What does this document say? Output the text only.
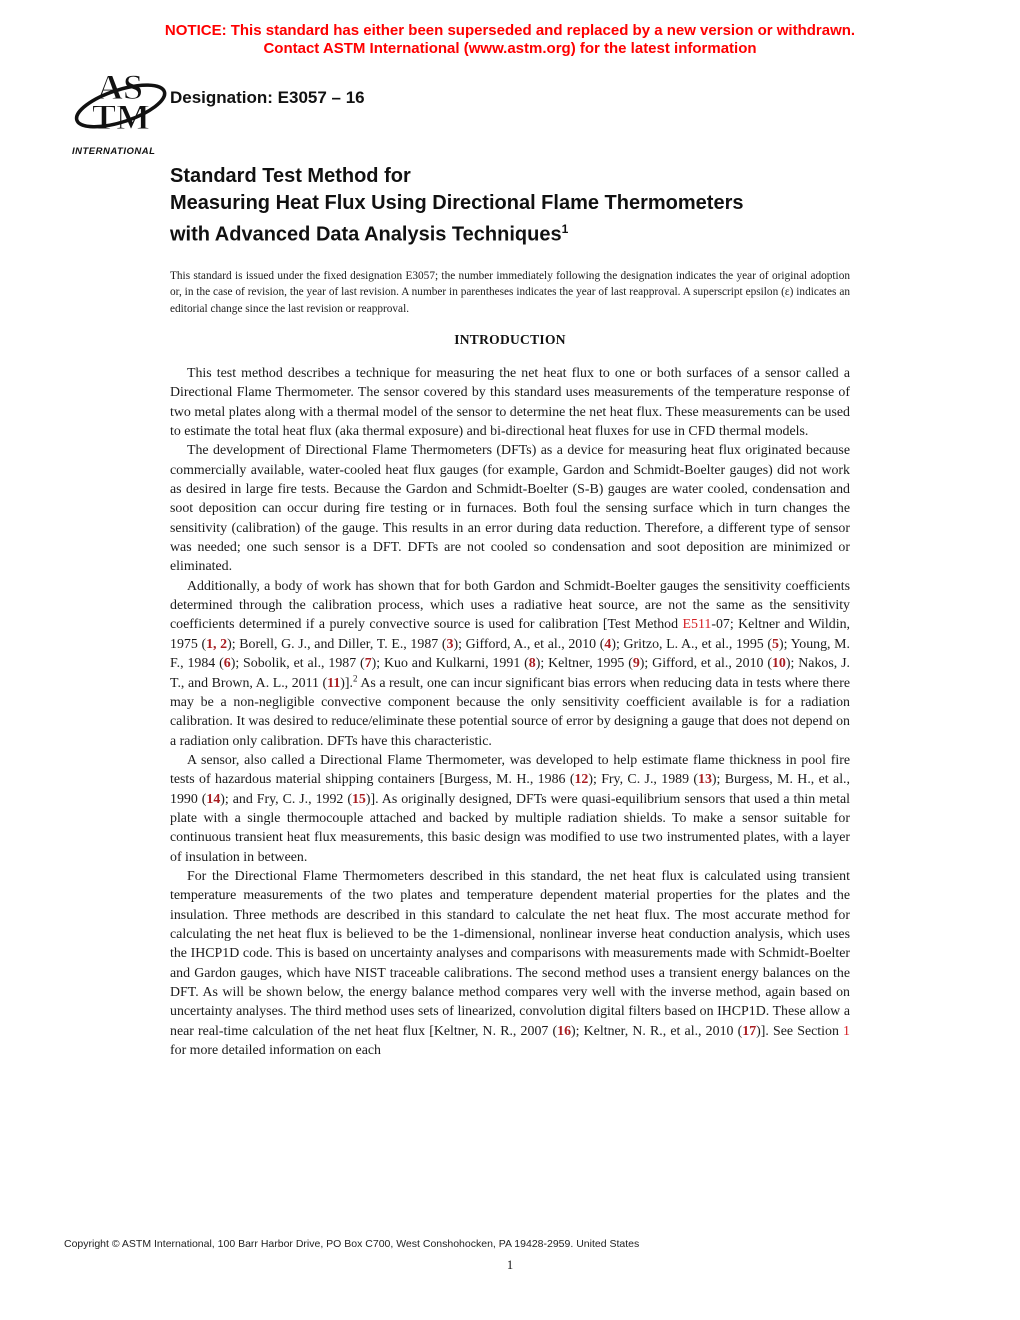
NOTICE: This standard has either been superseded and replaced by a new version or withdrawn.
Contact ASTM International (www.astm.org) for the latest information
AS
TM
INTERNATIONAL
Designation: E3057 – 16
Standard Test Method for
Measuring Heat Flux Using Directional Flame Thermometers
with Advanced Data Analysis Techniques$^1$
This standard is issued under the fixed designation E3057; the number immediately following the designation indicates the year of original adoption or, in the case of revision, the year of last revision. A number in parentheses indicates the year of last reapproval. A superscript epsilon (ε) indicates an editorial change since the last revision or reapproval.
INTRODUCTION

This test method describes a technique for measuring the net heat flux to one or both surfaces of a sensor called a Directional Flame Thermometer. The sensor covered by this standard uses measurements of the temperature response of two metal plates along with a thermal model of the sensor to determine the net heat flux. These measurements can be used to estimate the total heat flux (aka thermal exposure) and bi-directional heat fluxes for use in CFD thermal models.

The development of Directional Flame Thermometers (DFTs) as a device for measuring heat flux originated because commercially available, water-cooled heat flux gauges (for example, Gardon and Schmidt-Boelter gauges) did not work as desired in large fire tests. Because the Gardon and Schmidt-Boelter (S-B) gauges are water cooled, condensation and soot deposition can occur during fire testing or in furnaces. Both foul the sensing surface which in turn changes the sensitivity (calibration) of the gauge. This results in an error during data reduction. Therefore, a different type of sensor was needed; one such sensor is a DFT. DFTs are not cooled so condensation and soot deposition are minimized or eliminated.

Additionally, a body of work has shown that for both Gardon and Schmidt-Boelter gauges the sensitivity coefficients determined through the calibration process, which uses a radiative heat source, are not the same as the sensitivity coefficients determined if a purely convective source is used for calibration [Test Method E511-07; Keltner and Wildin, 1975 (1, 2); Borell, G. J., and Diller, T. E., 1987 (3); Gifford, A., et al., 2010 (4); Gritzo, L. A., et al., 1995 (5); Young, M. F., 1984 (6); Sobolik, et al., 1987 (7); Kuo and Kulkarni, 1991 (8); Keltner, 1995 (9); Gifford, et al., 2010 (10); Nakos, J. T., and Brown, A. L., 2011 (11)].$^2$ As a result, one can incur significant bias errors when reducing data in tests where there may be a non-negligible convective component because the only sensitivity coefficient available is for a radiation calibration. It was desired to reduce/eliminate these potential source of error by designing a gauge that does not depend on a radiation only calibration. DFTs have this characteristic.

A sensor, also called a Directional Flame Thermometer, was developed to help estimate flame thickness in pool fire tests of hazardous material shipping containers [Burgess, M. H., 1986 (12); Fry, C. J., 1989 (13); Burgess, M. H., et al., 1990 (14); and Fry, C. J., 1992 (15)]. As originally designed, DFTs were quasi-equilibrium sensors that used a thin metal plate with a single thermocouple attached and backed by multiple radiation shields. To make a sensor suitable for continuous transient heat flux measurements, this basic design was modified to use two instrumented plates, with a layer of insulation in between.

For the Directional Flame Thermometers described in this standard, the net heat flux is calculated using transient temperature measurements of the two plates and temperature dependent material properties for the plates and the insulation. Three methods are described in this standard to calculate the net heat flux. The most accurate method for calculating the net heat flux is believed to be the 1-dimensional, nonlinear inverse heat conduction analysis, which uses the IHCP1D code. This is based on uncertainty analyses and comparisons with measurements made with Schmidt-Boelter and Gardon gauges, which have NIST traceable calibrations. The second method uses a transient energy balances on the DFT. As will be shown below, the energy balance method compares very well with the inverse method, again based on uncertainty analyses. The third method uses sets of linearized, convolution digital filters based on IHCP1D. These allow a near real-time calculation of the net heat flux [Keltner, N. R., 2007 (16); Keltner, N. R., et al., 2010 (17)]. See Section 1 for more detailed information on each

Copyright © ASTM International, 100 Barr Harbor Drive, PO Box C700, West Conshohocken, PA 19428-2959. United States
1
